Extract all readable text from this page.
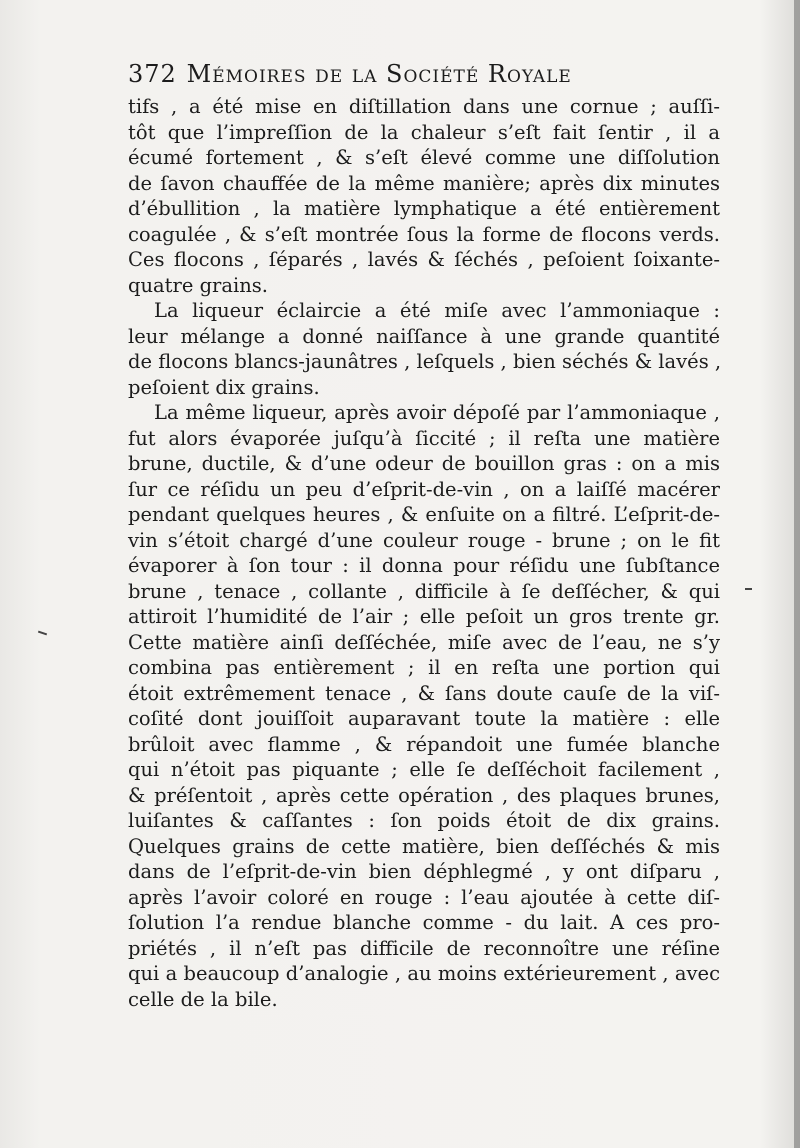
372 Mémoires de la Société Royale
tifs , a été mise en diſtillation dans une cornue ; auſſi-
tôt que l’impreſſion de la chaleur s’eſt fait ſentir , il a
écumé fortement , & s’eſt élevé comme une diſſolution
de ſavon chauffée de la même manière; après dix minutes
d’ébullition , la matière lymphatique a été entièrement
coagulée , & s’eſt montrée ſous la forme de flocons verds.
Ces flocons , ſéparés , lavés & ſéchés , peſoient ſoixante-
quatre grains.
La liqueur éclaircie a été miſe avec l’ammoniaque :
leur mélange a donné naiſſance à une grande quantité
de flocons blancs-jaunâtres , leſquels , bien séchés & lavés ,
peſoient dix grains.
La même liqueur, après avoir dépoſé par l’ammoniaque ,
fut alors évaporée juſqu’à ſiccité ; il reſta une matière
brune, ductile, & d’une odeur de bouillon gras : on a mis
ſur ce réſidu un peu d’eſprit-de-vin , on a laiſſé macérer
pendant quelques heures , & enſuite on a filtré. L’eſprit-de-
vin s’étoit chargé d’une couleur rouge - brune ; on le fit
évaporer à ſon tour : il donna pour réſidu une ſubſtance
brune , tenace , collante , difficile à ſe deſſécher, & qui
attiroit l’humidité de l’air ; elle peſoit un gros trente gr.
Cette matière ainſi deſſéchée, miſe avec de l’eau, ne s’y
combina pas entièrement ; il en reſta une portion qui
étoit extrêmement tenace , & ſans doute cauſe de la viſ-
coſité dont jouiſſoit auparavant toute la matière : elle
brûloit avec flamme , & répandoit une fumée blanche
qui n’étoit pas piquante ; elle ſe deſſéchoit facilement ,
& préſentoit , après cette opération , des plaques brunes,
luiſantes & caſſantes : ſon poids étoit de dix grains.
Quelques grains de cette matière, bien deſſéchés & mis
dans de l’eſprit-de-vin bien déphlegmé , y ont diſparu ,
après l’avoir coloré en rouge : l’eau ajoutée à cette diſ-
ſolution l’a rendue blanche comme - du lait. A ces pro-
priétés , il n’eſt pas difficile de reconnoître une réſine
qui a beaucoup d’analogie , au moins extérieurement , avec
celle de la bile.
